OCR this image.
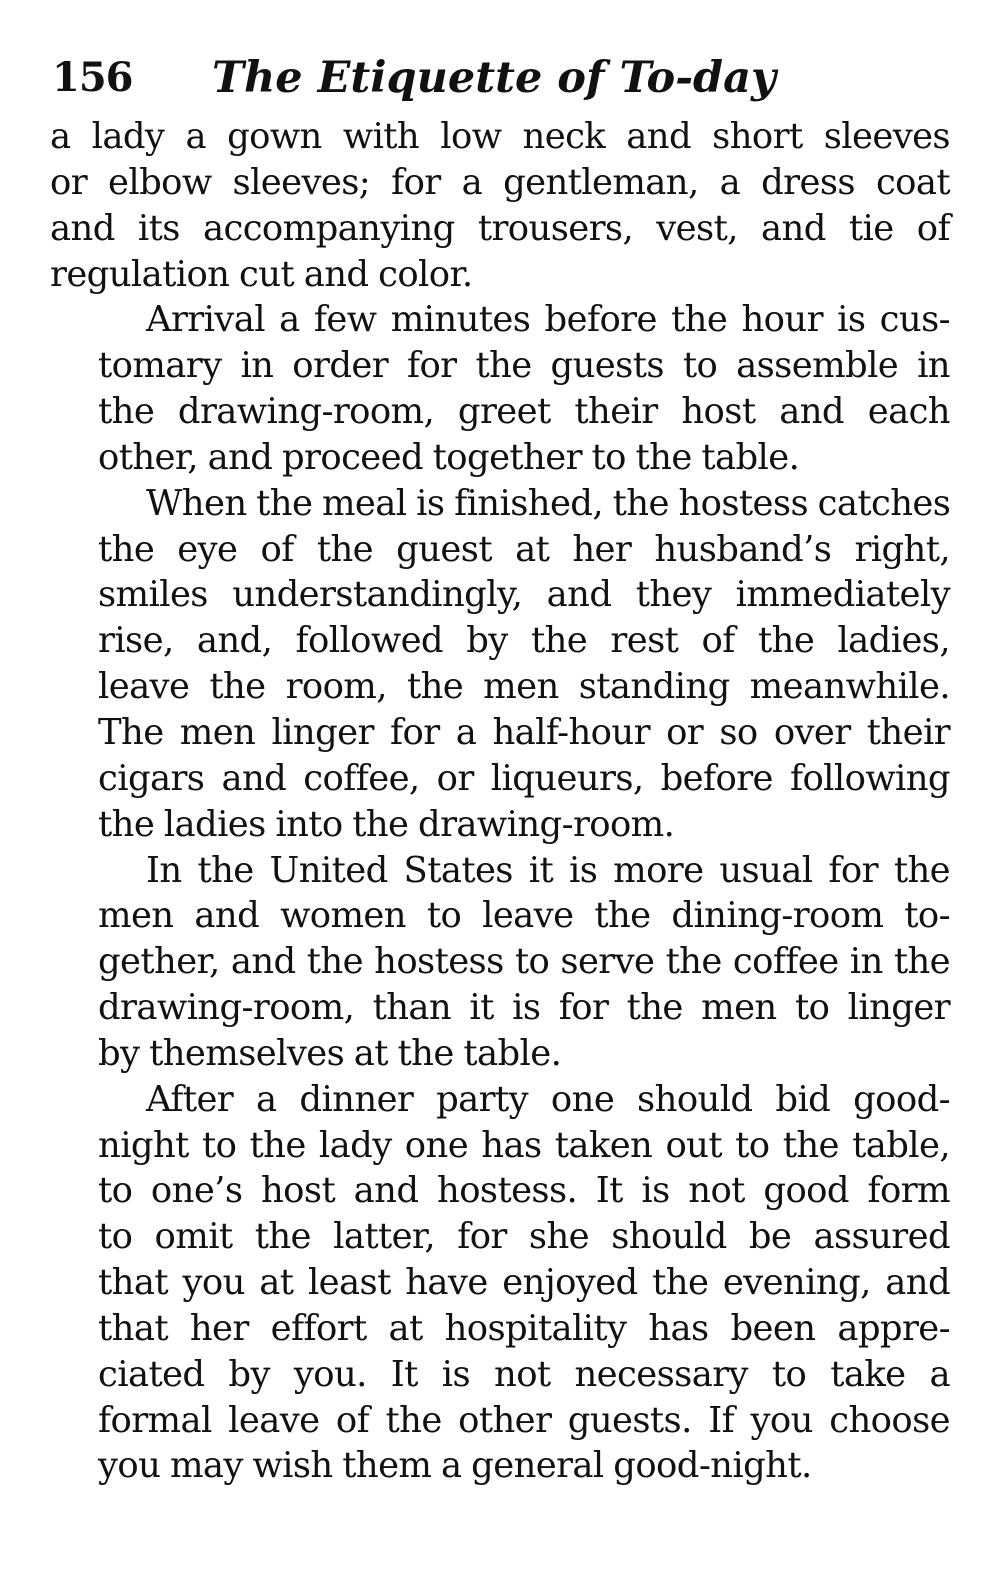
156 The Etiquette of To-day

a lady a gown with low neck and short sleeves
or elbow sleeves; for a gentleman, a dress coat
and its accompanying trousers, vest, and tie of
regulation cut and color.

Arrival a few minutes before the hour is cus-
tomary in order for the guests to assemble in
the drawing-room, greet their host and each
other, and proceed together to the table.

When the meal is finished, the hostess catches
the eye of the guest at her husband’s right,
smiles understandingly, and they immediately
rise, and, followed by the rest of the ladies,
leave the room, the men standing meanwhile.
The men linger for a half-hour or so over their
cigars and coffee, or liqueurs, before following
the ladies into the drawing-room.

In the United States it is more usual for the
men and women to leave the dining-room to-
gether, and the hostess to serve the coffee in the
drawing-room, than it is for the men to linger
by themselves at the table.

After a dinner party one should bid good-
night to the lady one has taken out to the table,
to one’s host and hostess. It is not good form
to omit the latter, for she should be assured
that you at least have enjoyed the evening, and
that her effort at hospitality has been appre-
ciated by you. It is not necessary to take a
formal leave of the other guests. If you choose
you may wish them a general good-night.
